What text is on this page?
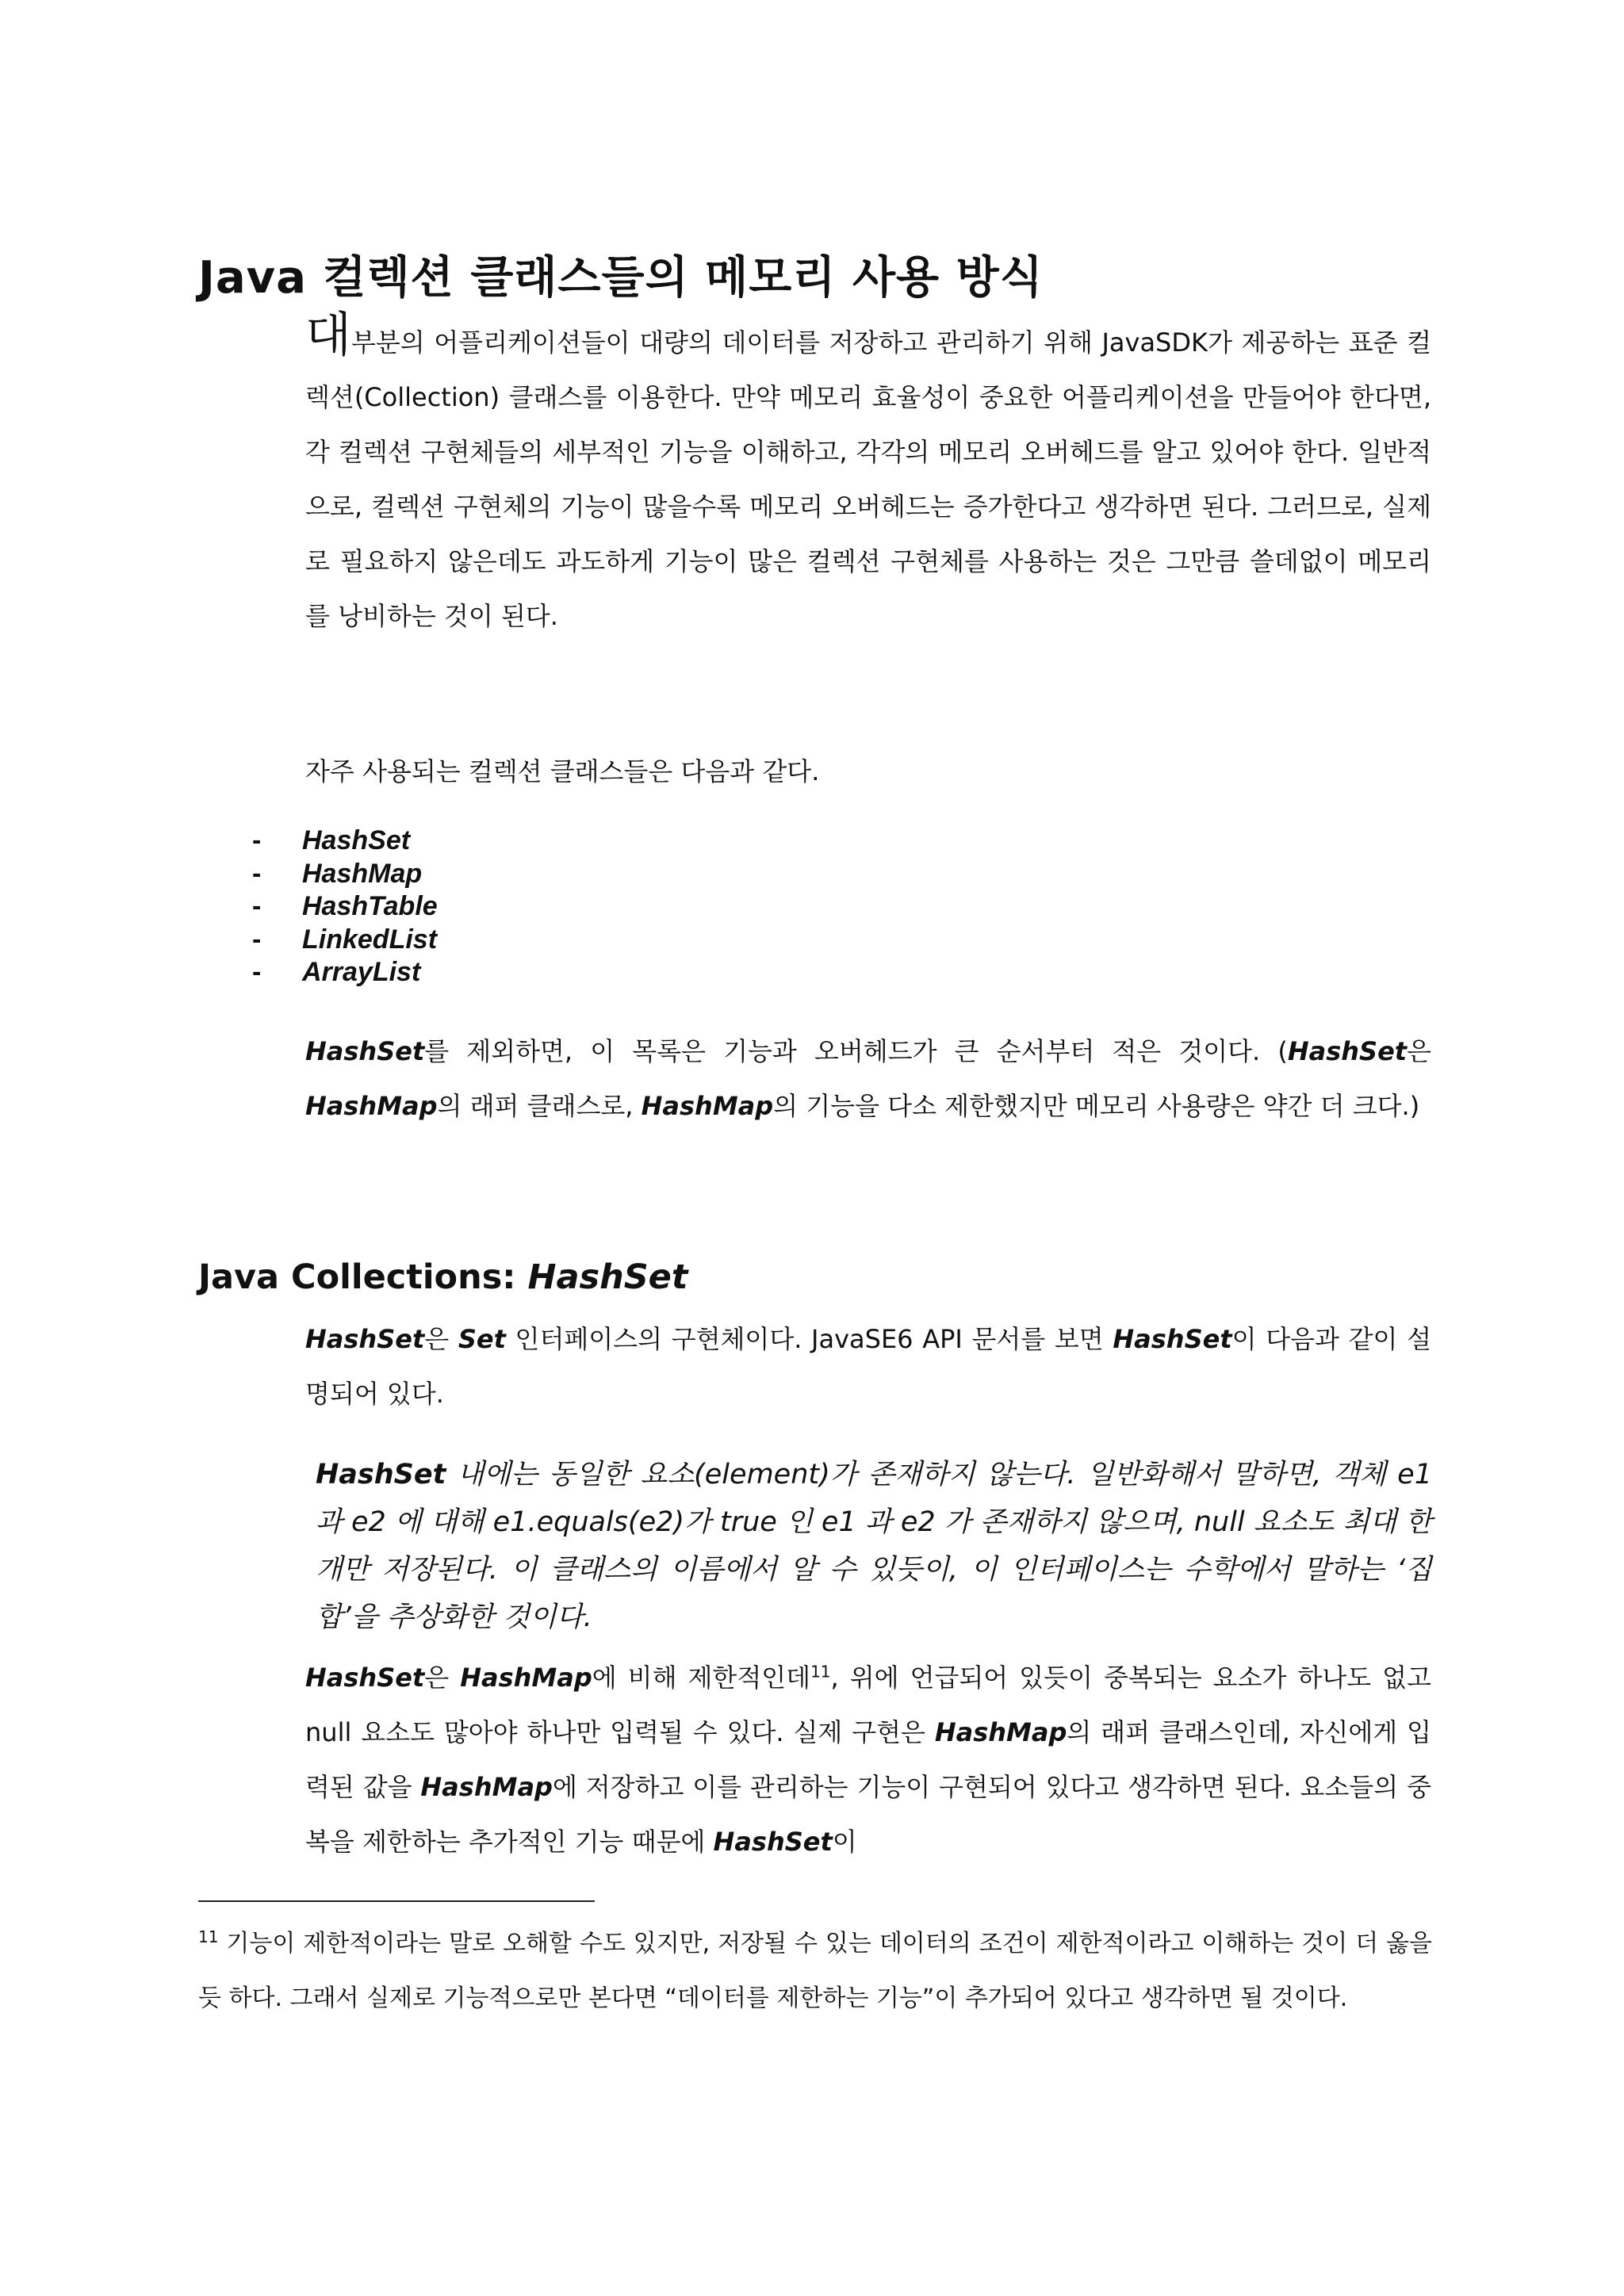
Java 컬렉션 클래스들의 메모리 사용 방식

대부분의 어플리케이션들이 대량의 데이터를 저장하고 관리하기 위해 JavaSDK가 제공하는 표준 컬렉션(Collection) 클래스를 이용한다. 만약 메모리 효율성이 중요한 어플리케이션을 만들어야 한다면, 각 컬렉션 구현체들의 세부적인 기능을 이해하고, 각각의 메모리 오버헤드를 알고 있어야 한다. 일반적으로, 컬렉션 구현체의 기능이 많을수록 메모리 오버헤드는 증가한다고 생각하면 된다. 그러므로, 실제로 필요하지 않은데도 과도하게 기능이 많은 컬렉션 구현체를 사용하는 것은 그만큼 쓸데없이 메모리를 낭비하는 것이 된다.

자주 사용되는 컬렉션 클래스들은 다음과 같다.

- HashSet
- HashMap
- HashTable
- LinkedList
- ArrayList

HashSet를 제외하면, 이 목록은 기능과 오버헤드가 큰 순서부터 적은 것이다. (HashSet은 HashMap의 래퍼 클래스로, HashMap의 기능을 다소 제한했지만 메모리 사용량은 약간 더 크다.)

Java Collections: HashSet

HashSet은 Set 인터페이스의 구현체이다. JavaSE6 API 문서를 보면 HashSet이 다음과 같이 설명되어 있다.

HashSet 내에는 동일한 요소(element)가 존재하지 않는다. 일반화해서 말하면, 객체 e1 과 e2 에 대해 e1.equals(e2)가 true 인 e1 과 e2 가 존재하지 않으며, null 요소도 최대 한 개만 저장된다. 이 클래스의 이름에서 알 수 있듯이, 이 인터페이스는 수학에서 말하는 ‘집합’을 추상화한 것이다.

HashSet은 HashMap에 비해 제한적인데$^{11}$, 위에 언급되어 있듯이 중복되는 요소가 하나도 없고 null 요소도 많아야 하나만 입력될 수 있다. 실제 구현은 HashMap의 래퍼 클래스인데, 자신에게 입력된 값을 HashMap에 저장하고 이를 관리하는 기능이 구현되어 있다고 생각하면 된다. 요소들의 중복을 제한하는 추가적인 기능 때문에 HashSet이

$^{11}$ 기능이 제한적이라는 말로 오해할 수도 있지만, 저장될 수 있는 데이터의 조건이 제한적이라고 이해하는 것이 더 옳을 듯 하다. 그래서 실제로 기능적으로만 본다면 “데이터를 제한하는 기능”이 추가되어 있다고 생각하면 될 것이다.
